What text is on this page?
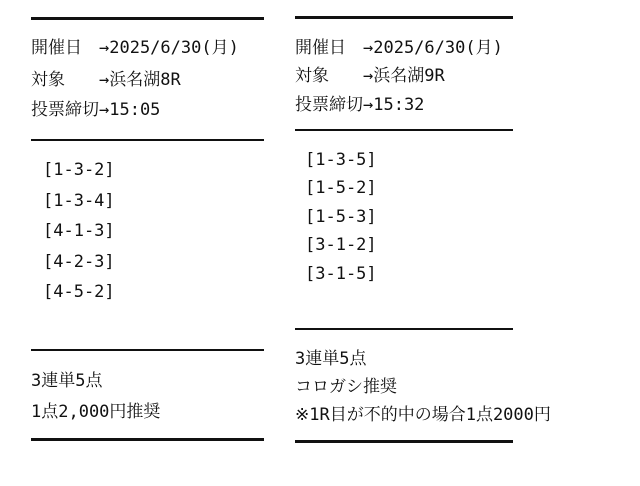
開催日　→2025/6/30(月)
対象　　→浜名湖8R
投票締切→15:05
[1-3-2]
[1-3-4]
[4-1-3]
[4-2-3]
[4-5-2]
3連単5点
1点2,000円推奨
開催日　→2025/6/30(月)
対象　　→浜名湖9R
投票締切→15:32
[1-3-5]
[1-5-2]
[1-5-3]
[3-1-2]
[3-1-5]
3連単5点
コロガシ推奨
※1R目が不的中の場合1点2000円
